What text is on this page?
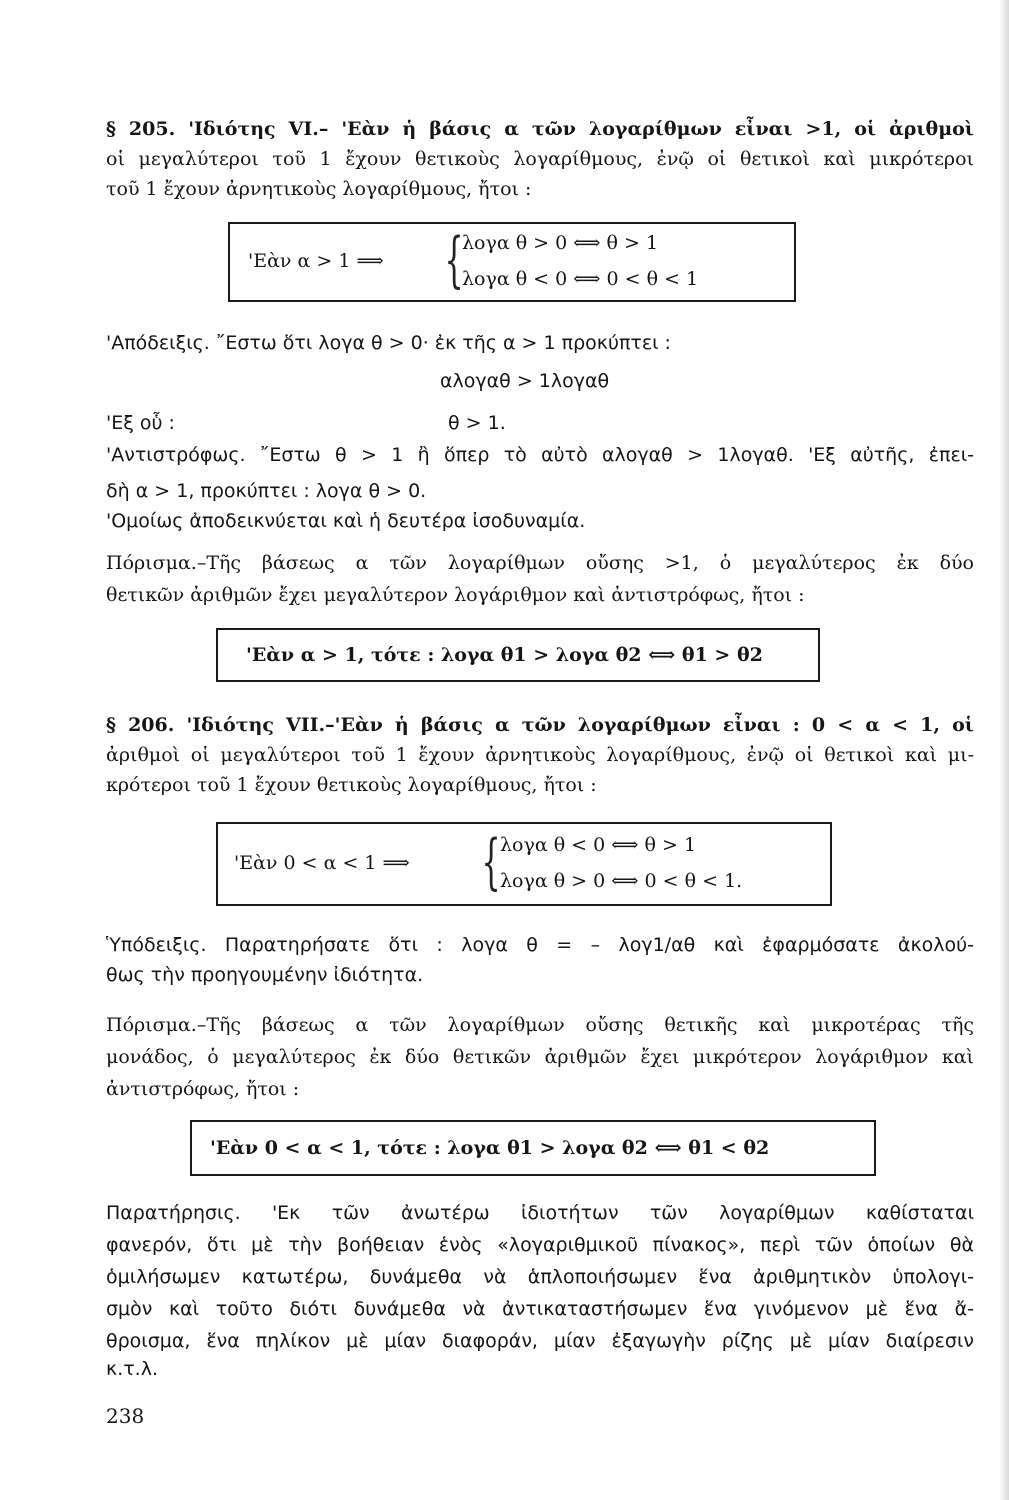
§ 205. 'Ιδιότης VI.– 'Εὰν ἡ βάσις α τῶν λογαρίθμων εἶναι >1, οἱ ἀριθμοὶ
οἱ μεγαλύτεροι τοῦ 1 ἔχουν θετικοὺς λογαρίθμους, ἐνῷ οἱ θετικοὶ καὶ μικρότεροι
τοῦ 1 ἔχουν ἀρνητικοὺς λογαρίθμους, ἤτοι :
'Εὰν α > 1 ⟹ {
λογα θ > 0 ⟺ θ > 1
λογα θ < 0 ⟺ 0 < θ < 1
'Απόδειξις. ῎Εστω ὅτι λογα θ > 0· ἐκ τῆς α > 1 προκύπτει :
αλογαθ > 1λογαθ
'Εξ οὗ :	θ > 1.
'Αντιστρόφως. ῎Εστω θ > 1 ἢ ὅπερ τὸ αὐτὸ αλογαθ > 1λογαθ. 'Εξ αὐτῆς, ἐπει-
δὴ α > 1, προκύπτει : λογα θ > 0.
'Ομοίως ἀποδεικνύεται καὶ ἡ δευτέρα ἰσοδυναμία.
Πόρισμα.–Τῆς βάσεως α τῶν λογαρίθμων οὔσης >1, ὁ μεγαλύτερος ἐκ δύο
θετικῶν ἀριθμῶν ἔχει μεγαλύτερον λογάριθμον καὶ ἀντιστρόφως, ἤτοι :
'Εὰν α > 1, τότε : λογα θ1 > λογα θ2 ⟺ θ1 > θ2
§ 206. 'Ιδιότης VII.–'Εὰν ἡ βάσις α τῶν λογαρίθμων εἶναι : 0 < α < 1, οἱ
ἀριθμοὶ οἱ μεγαλύτεροι τοῦ 1 ἔχουν ἀρνητικοὺς λογαρίθμους, ἐνῷ οἱ θετικοὶ καὶ μι-
κρότεροι τοῦ 1 ἔχουν θετικοὺς λογαρίθμους, ἤτοι :
'Εὰν 0 < α < 1 ⟹ { λογα θ < 0 ⟺ θ > 1
λογα θ > 0 ⟺ 0 < θ < 1.
Ὑπόδειξις. Παρατηρήσατε ὅτι : λογα θ = – λογ1/αθ καὶ ἐφαρμόσατε ἀκολού-
θως τὴν προηγουμένην ἰδιότητα.
Πόρισμα.–Τῆς βάσεως α τῶν λογαρίθμων οὔσης θετικῆς καὶ μικροτέρας τῆς
μονάδος, ὁ μεγαλύτερος ἐκ δύο θετικῶν ἀριθμῶν ἔχει μικρότερον λογάριθμον καὶ
ἀντιστρόφως, ἤτοι :
'Εὰν 0 < α < 1, τότε : λογα θ1 > λογα θ2 ⟺ θ1 < θ2
Παρατήρησις. 'Εκ τῶν ἀνωτέρω ἰδιοτήτων τῶν λογαρίθμων καθίσταται
φανερόν, ὅτι μὲ τὴν βοήθειαν ἑνὸς «λογαριθμικοῦ πίνακος», περὶ τῶν ὁποίων θὰ
ὁμιλήσωμεν κατωτέρω, δυνάμεθα νὰ ἁπλοποιήσωμεν ἕνα ἀριθμητικὸν ὑπολογι-
σμὸν καὶ τοῦτο διότι δυνάμεθα νὰ ἀντικαταστήσωμεν ἕνα γινόμενον μὲ ἕνα ἄ-
θροισμα, ἕνα πηλίκον μὲ μίαν διαφοράν, μίαν ἐξαγωγὴν ρίζης μὲ μίαν διαίρεσιν
κ.τ.λ.
238
